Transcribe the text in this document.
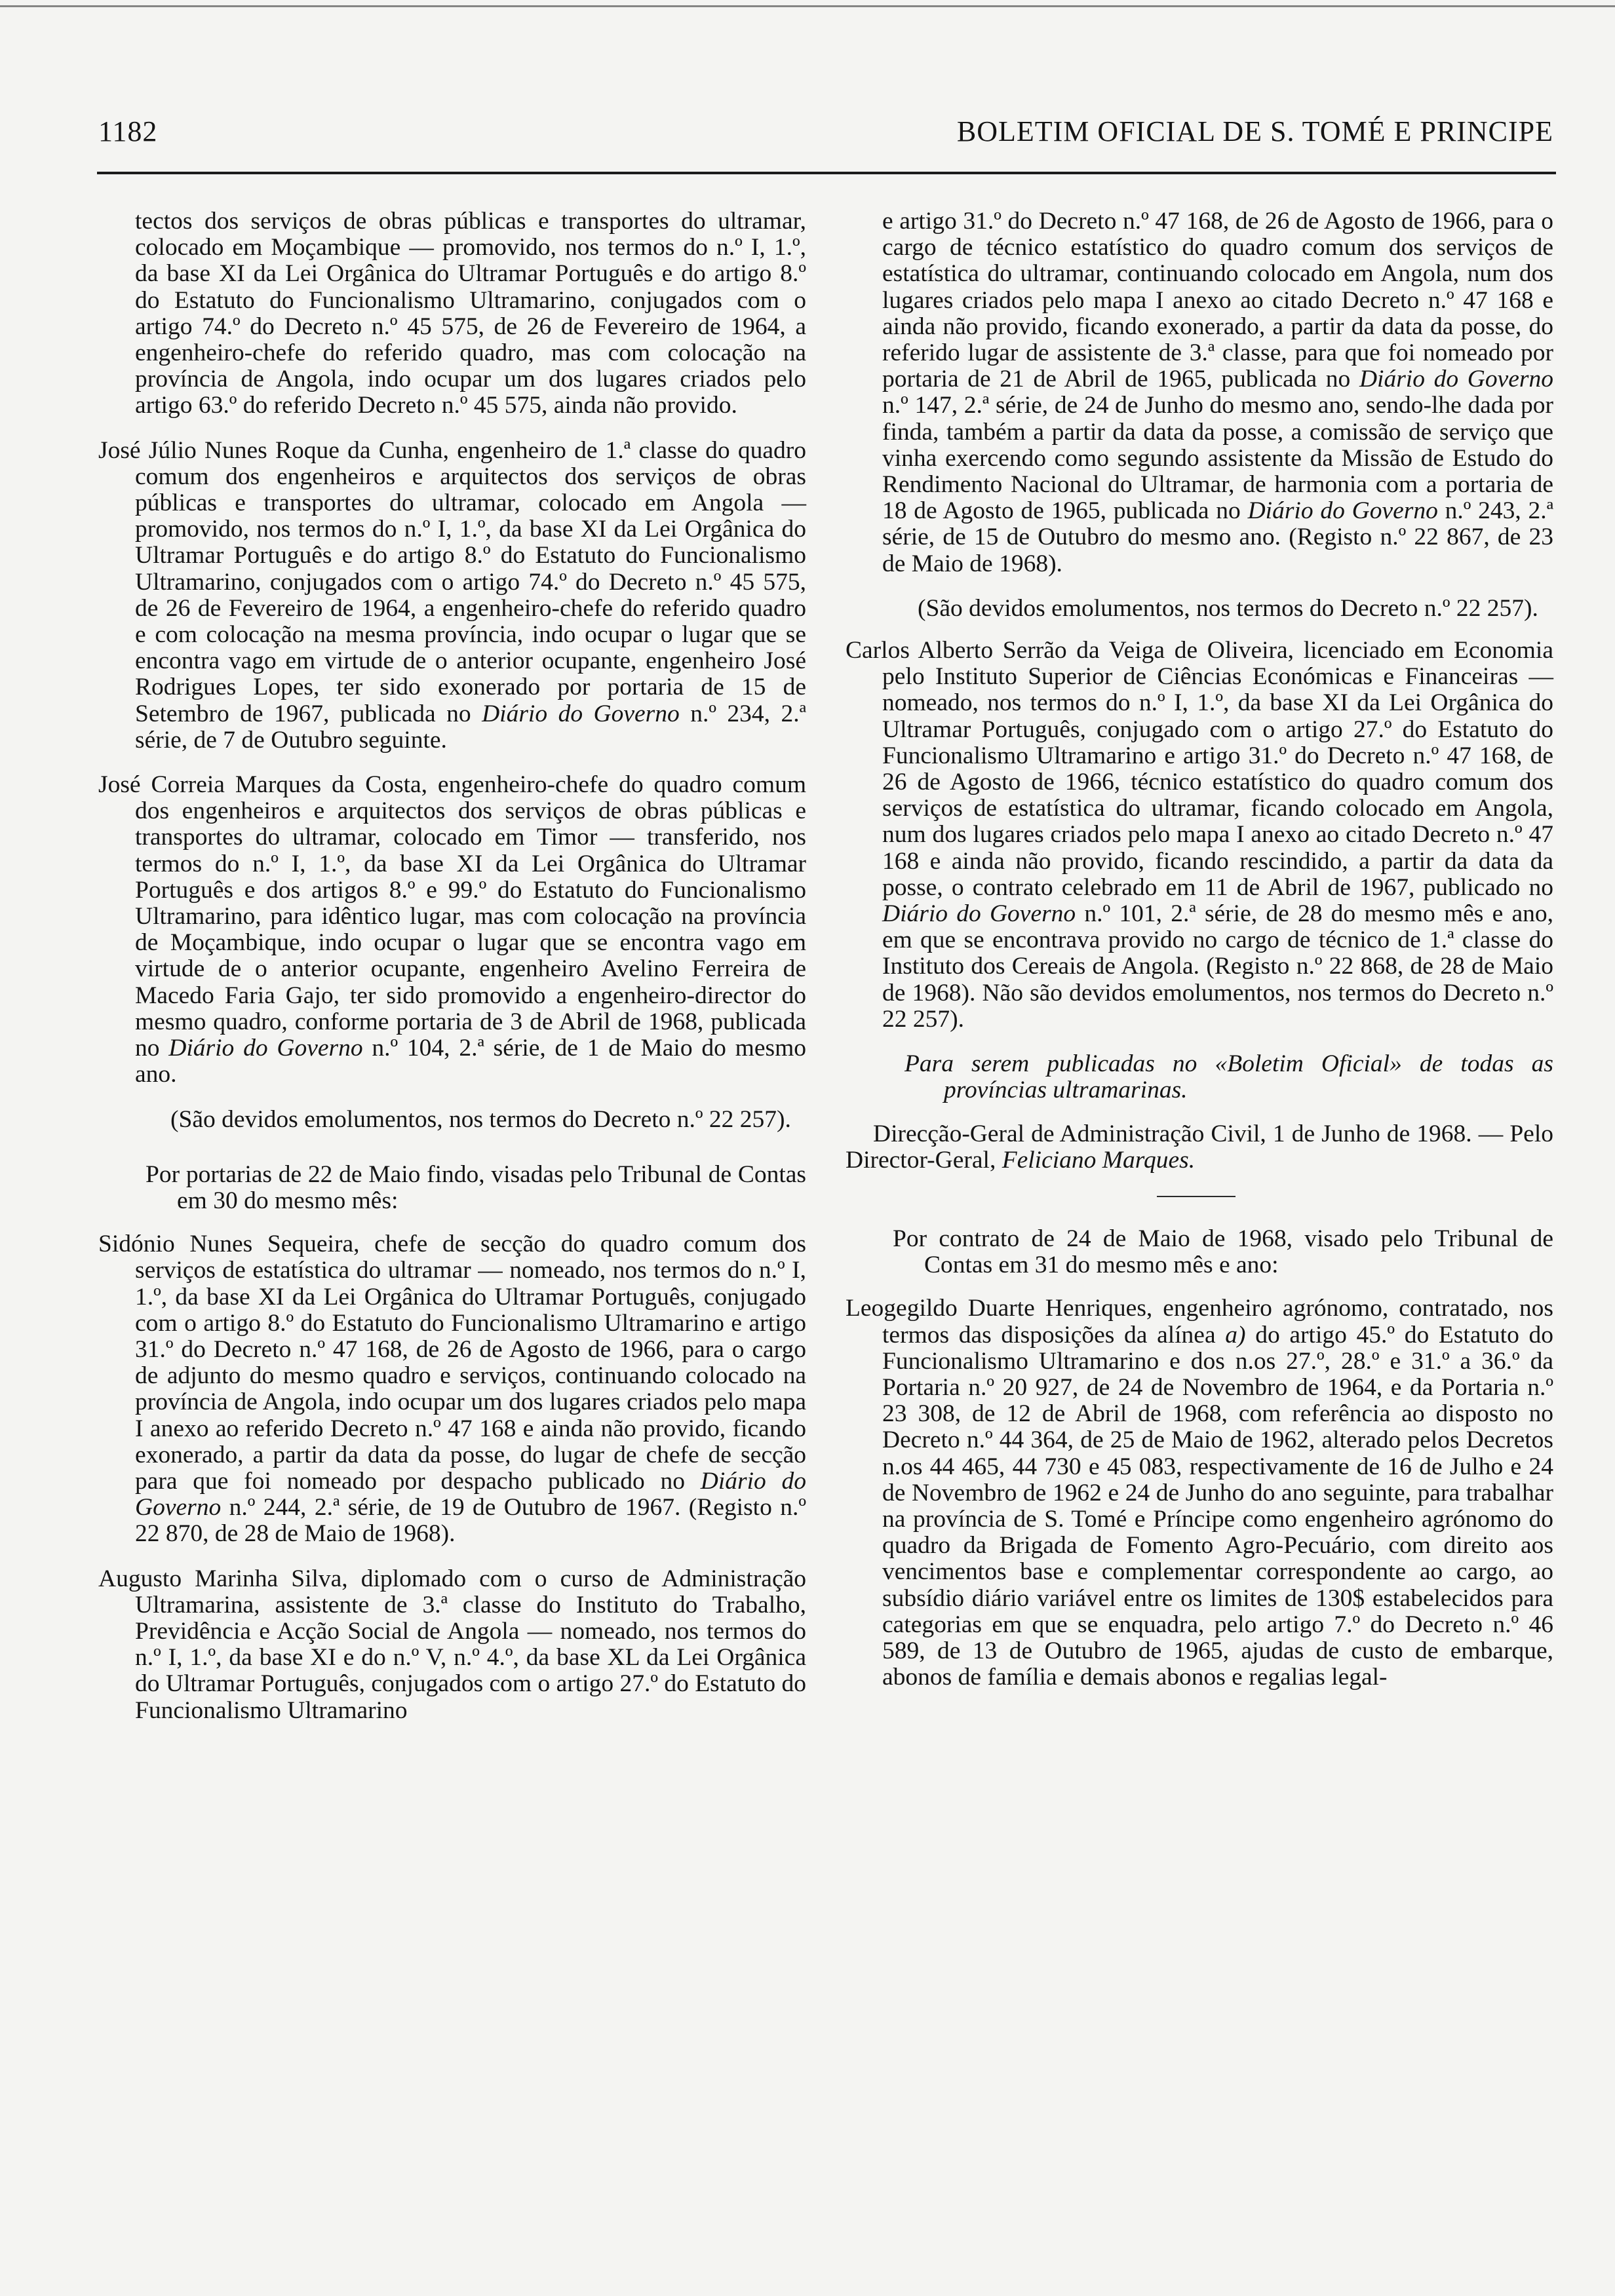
1182	BOLETIM OFICIAL DE S. TOMÉ E PRINCIPE

tectos dos serviços de obras públicas e transportes do ultramar, colocado em Moçambique — promovido, nos termos do n.º I, 1.º, da base XI da Lei Orgânica do Ultramar Português e do artigo 8.º do Estatuto do Funcionalismo Ultramarino, conjugados com o artigo 74.º do Decreto n.º 45 575, de 26 de Fevereiro de 1964, a engenheiro-chefe do referido quadro, mas com colocação na província de Angola, indo ocupar um dos lugares criados pelo artigo 63.º do referido Decreto n.º 45 575, ainda não provido.

José Júlio Nunes Roque da Cunha, engenheiro de 1.ª classe do quadro comum dos engenheiros e arquitectos dos serviços de obras públicas e transportes do ultramar, colocado em Angola — promovido, nos termos do n.º I, 1.º, da base XI da Lei Orgânica do Ultramar Português e do artigo 8.º do Estatuto do Funcionalismo Ultramarino, conjugados com o artigo 74.º do Decreto n.º 45 575, de 26 de Fevereiro de 1964, a engenheiro-chefe do referido quadro e com colocação na mesma província, indo ocupar o lugar que se encontra vago em virtude de o anterior ocupante, engenheiro José Rodrigues Lopes, ter sido exonerado por portaria de 15 de Setembro de 1967, publicada no Diário do Governo n.º 234, 2.ª série, de 7 de Outubro seguinte.

José Correia Marques da Costa, engenheiro-chefe do quadro comum dos engenheiros e arquitectos dos serviços de obras públicas e transportes do ultramar, colocado em Timor — transferido, nos termos do n.º I, 1.º, da base XI da Lei Orgânica do Ultramar Português e dos artigos 8.º e 99.º do Estatuto do Funcionalismo Ultramarino, para idêntico lugar, mas com colocação na província de Moçambique, indo ocupar o lugar que se encontra vago em virtude de o anterior ocupante, engenheiro Avelino Ferreira de Macedo Faria Gajo, ter sido promovido a engenheiro-director do mesmo quadro, conforme portaria de 3 de Abril de 1968, publicada no Diário do Governo n.º 104, 2.ª série, de 1 de Maio do mesmo ano.

(São devidos emolumentos, nos termos do Decreto n.º 22 257).

Por portarias de 22 de Maio findo, visadas pelo Tribunal de Contas em 30 do mesmo mês:

Sidónio Nunes Sequeira, chefe de secção do quadro comum dos serviços de estatística do ultramar — nomeado, nos termos do n.º I, 1.º, da base XI da Lei Orgânica do Ultramar Português, conjugado com o artigo 8.º do Estatuto do Funcionalismo Ultramarino e artigo 31.º do Decreto n.º 47 168, de 26 de Agosto de 1966, para o cargo de adjunto do mesmo quadro e serviços, continuando colocado na província de Angola, indo ocupar um dos lugares criados pelo mapa I anexo ao referido Decreto n.º 47 168 e ainda não provido, ficando exonerado, a partir da data da posse, do lugar de chefe de secção para que foi nomeado por despacho publicado no Diário do Governo n.º 244, 2.ª série, de 19 de Outubro de 1967. (Registo n.º 22 870, de 28 de Maio de 1968).

Augusto Marinha Silva, diplomado com o curso de Administração Ultramarina, assistente de 3.ª classe do Instituto do Trabalho, Previdência e Acção Social de Angola — nomeado, nos termos do n.º I, 1.º, da base XI e do n.º V, n.º 4.º, da base XL da Lei Orgânica do Ultramar Português, conjugados com o artigo 27.º do Estatuto do Funcionalismo Ultramarino

e artigo 31.º do Decreto n.º 47 168, de 26 de Agosto de 1966, para o cargo de técnico estatístico do quadro comum dos serviços de estatística do ultramar, continuando colocado em Angola, num dos lugares criados pelo mapa I anexo ao citado Decreto n.º 47 168 e ainda não provido, ficando exonerado, a partir da data da posse, do referido lugar de assistente de 3.ª classe, para que foi nomeado por portaria de 21 de Abril de 1965, publicada no Diário do Governo n.º 147, 2.ª série, de 24 de Junho do mesmo ano, sendo-lhe dada por finda, também a partir da data da posse, a comissão de serviço que vinha exercendo como segundo assistente da Missão de Estudo do Rendimento Nacional do Ultramar, de harmonia com a portaria de 18 de Agosto de 1965, publicada no Diário do Governo n.º 243, 2.ª série, de 15 de Outubro do mesmo ano. (Registo n.º 22 867, de 23 de Maio de 1968).

(São devidos emolumentos, nos termos do Decreto n.º 22 257).

Carlos Alberto Serrão da Veiga de Oliveira, licenciado em Economia pelo Instituto Superior de Ciências Económicas e Financeiras — nomeado, nos termos do n.º I, 1.º, da base XI da Lei Orgânica do Ultramar Português, conjugado com o artigo 27.º do Estatuto do Funcionalismo Ultramarino e artigo 31.º do Decreto n.º 47 168, de 26 de Agosto de 1966, técnico estatístico do quadro comum dos serviços de estatística do ultramar, ficando colocado em Angola, num dos lugares criados pelo mapa I anexo ao citado Decreto n.º 47 168 e ainda não provido, ficando rescindido, a partir da data da posse, o contrato celebrado em 11 de Abril de 1967, publicado no Diário do Governo n.º 101, 2.ª série, de 28 do mesmo mês e ano, em que se encontrava provido no cargo de técnico de 1.ª classe do Instituto dos Cereais de Angola. (Registo n.º 22 868, de 28 de Maio de 1968). Não são devidos emolumentos, nos termos do Decreto n.º 22 257).

Para serem publicadas no «Boletim Oficial» de todas as províncias ultramarinas.

Direcção-Geral de Administração Civil, 1 de Junho de 1968. — Pelo Director-Geral, Feliciano Marques.

Por contrato de 24 de Maio de 1968, visado pelo Tribunal de Contas em 31 do mesmo mês e ano:

Leogegildo Duarte Henriques, engenheiro agrónomo, contratado, nos termos das disposições da alínea a) do artigo 45.º do Estatuto do Funcionalismo Ultramarino e dos n.os 27.º, 28.º e 31.º a 36.º da Portaria n.º 20 927, de 24 de Novembro de 1964, e da Portaria n.º 23 308, de 12 de Abril de 1968, com referência ao disposto no Decreto n.º 44 364, de 25 de Maio de 1962, alterado pelos Decretos n.os 44 465, 44 730 e 45 083, respectivamente de 16 de Julho e 24 de Novembro de 1962 e 24 de Junho do ano seguinte, para trabalhar na província de S. Tomé e Príncipe como engenheiro agrónomo do quadro da Brigada de Fomento Agro-Pecuário, com direito aos vencimentos base e complementar correspondente ao cargo, ao subsídio diário variável entre os limites de 130$ estabelecidos para categorias em que se enquadra, pelo artigo 7.º do Decreto n.º 46 589, de 13 de Outubro de 1965, ajudas de custo de embarque, abonos de família e demais abonos e regalias legal-
